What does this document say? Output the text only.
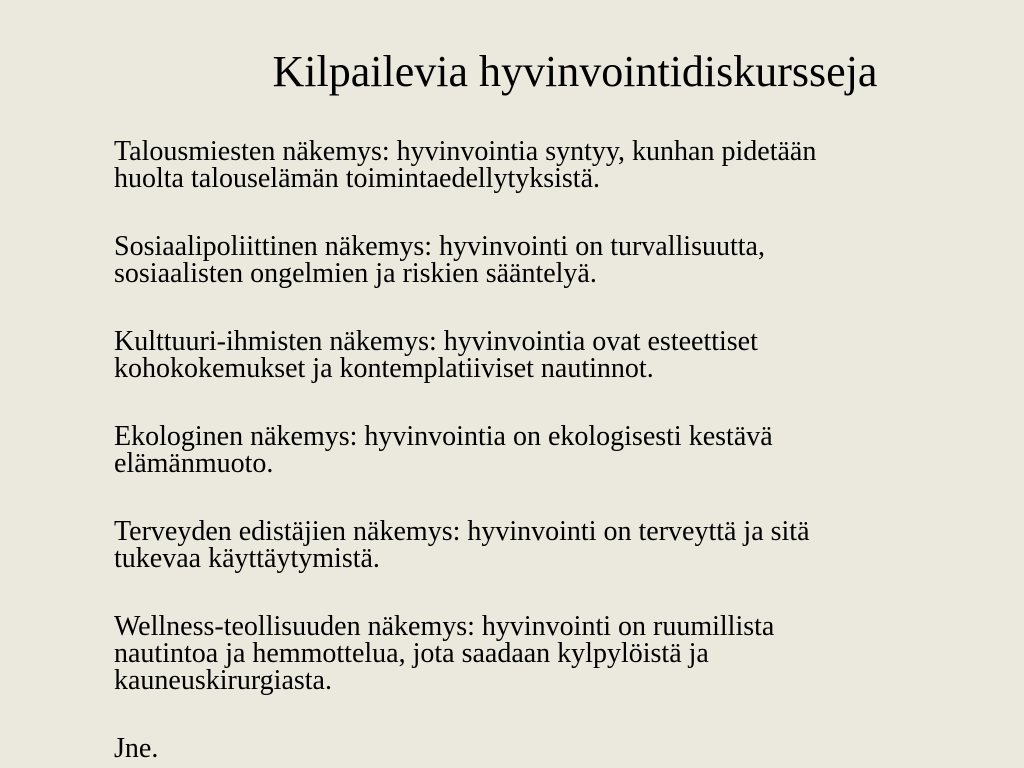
Kilpailevia hyvinvointidiskursseja

Talousmiesten näkemys: hyvinvointia syntyy, kunhan pidetään
huolta talouselämän toimintaedellytyksistä.

Sosiaalipoliittinen näkemys: hyvinvointi on turvallisuutta,
sosiaalisten ongelmien ja riskien sääntelyä.

Kulttuuri-ihmisten näkemys: hyvinvointia ovat esteettiset
kohokokemukset ja kontemplatiiviset nautinnot.

Ekologinen näkemys: hyvinvointia on ekologisesti kestävä
elämänmuoto.

Terveyden edistäjien näkemys: hyvinvointi on terveyttä ja sitä
tukevaa käyttäytymistä.

Wellness-teollisuuden näkemys: hyvinvointi on ruumillista
nautintoa ja hemmottelua, jota saadaan kylpylöistä ja
kauneuskirurgiasta.

Jne.
